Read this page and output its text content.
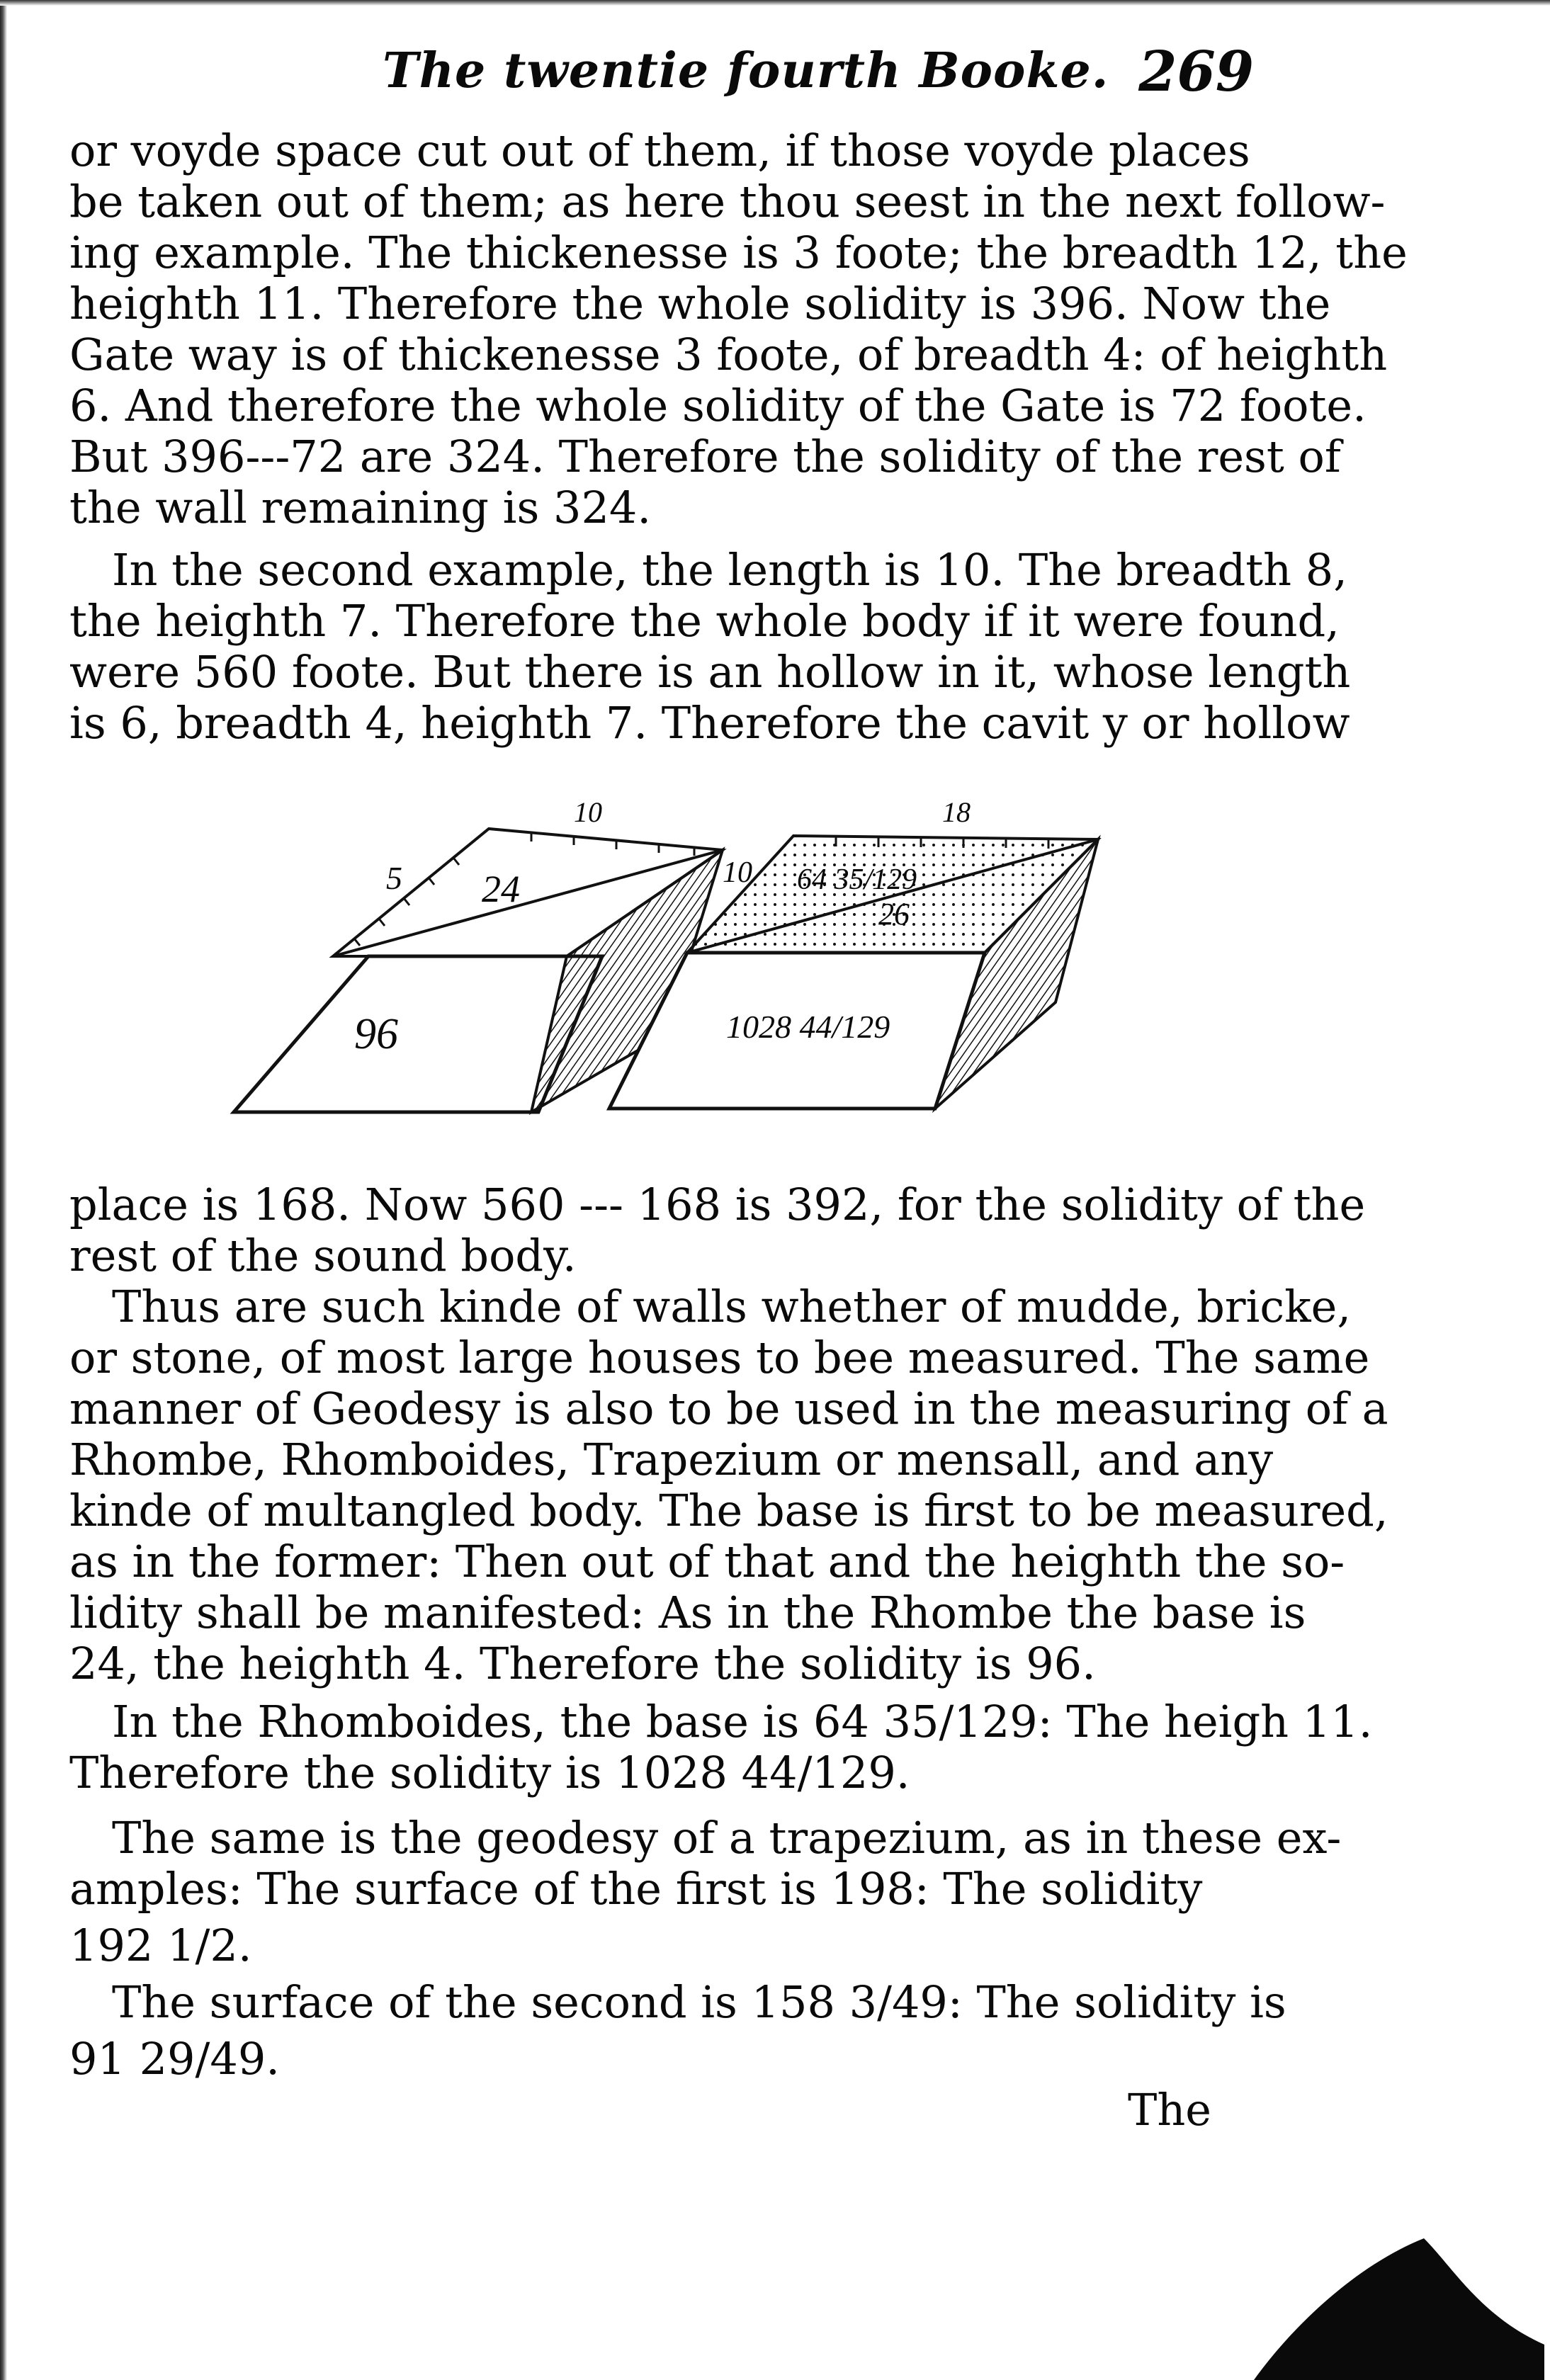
The twentie fourth Booke. 269
or voyde space cut out of them, if those voyde places
be taken out of them; as here thou seest in the next follow-
ing example. The thickenesse is 3 foote; the breadth 12, the
heighth 11. Therefore the whole solidity is 396. Now the
Gate way is of thickenesse 3 foote, of breadth 4: of heighth
6. And therefore the whole solidity of the Gate is 72 foote.
But 396---72 are 324. Therefore the solidity of the rest of
the wall remaining is 324.
In the second example, the length is 10. The breadth 8,
the heighth 7. Therefore the whole body if it were found,
were 560 foote. But there is an hollow in it, whose length
is 6, breadth 4, heighth 7. Therefore the cavit y or hollow
5
10
24
96
10
18
64 35/129
26
1028 44/129
place is 168. Now 560 --- 168 is 392, for the solidity of the
rest of the sound body.
Thus are such kinde of walls whether of mudde, bricke,
or stone, of most large houses to bee measured. The same
manner of Geodesy is also to be used in the measuring of a
Rhombe, Rhomboides, Trapezium or mensall, and any
kinde of multangled body. The base is first to be measured,
as in the former: Then out of that and the heighth the so-
lidity shall be manifested: As in the Rhombe the base is
24, the heighth 4. Therefore the solidity is 96.
In the Rhomboides, the base is 64 35/129: The heigh 11.
Therefore the solidity is 1028 44/129.
The same is the geodesy of a trapezium, as in these ex-
amples: The surface of the first is 198: The solidity
192 1/2.
The surface of the second is 158 3/49: The solidity is
91 29/49.
The
